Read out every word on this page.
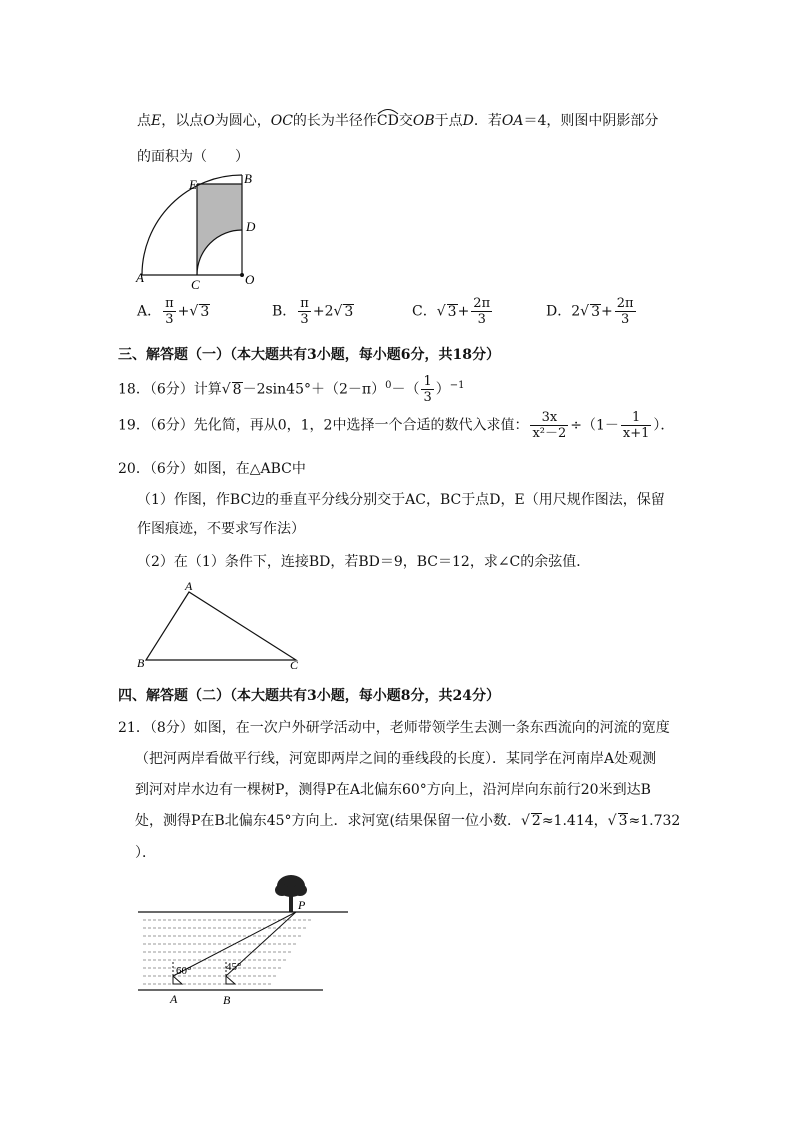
点E，以点O为圆心，OC的长为半径作
CD交OB于点D．若OA＝4，则图中阴影部分
的面积为（　　）
E	B
D
A	C	O
A． $\frac{\pi}{3}$ +√ 3	B． $\frac{\pi}{3} +2√$ 3	C．√ $3+ \frac{2\pi}{3}$	D．2√ $3+ \frac{2\pi}{3}$
三、解答题（一）（本大题共有3小题，每小题6分，共18分）
18．（6分）计算√ $8-2\sin 45^\circ+(2-\pi)^0-( \frac{1}{3} )^{-1}$
19．（6分）先化简，再从0，1，2中选择一个合适的数代入求值： $\frac{3x}{\text{x²－2}} \div(1- \frac{1}{x+1}$ ）．
20．（6分）如图，在△ABC中
（1）作图，作BC边的垂直平分线分别交于AC，BC于点D，E（用尺规作图法，保留
作图痕迹，不要求写作法）
（2）在（1）条件下，连接BD，若BD＝9，BC＝12，求∠C的余弦值．
A
B	C
四、解答题（二）（本大题共有3小题，每小题8分，共24分）
21．（8分）如图，在一次户外研学活动中，老师带领学生去测一条东西流向的河流的宽度
（把河两岸看做平行线，河宽即两岸之间的垂线段的长度）．某同学在河南岸A处观测
到河对岸水边有一棵树P，测得P在A北偏东60°方向上，沿河岸向东前行20米到达B
处，测得P在B北偏东45°方向上．求河宽(结果保留一位小数．√ 2≈1.414，√ 3≈1.732
）．
P
60°	45°
A	B
